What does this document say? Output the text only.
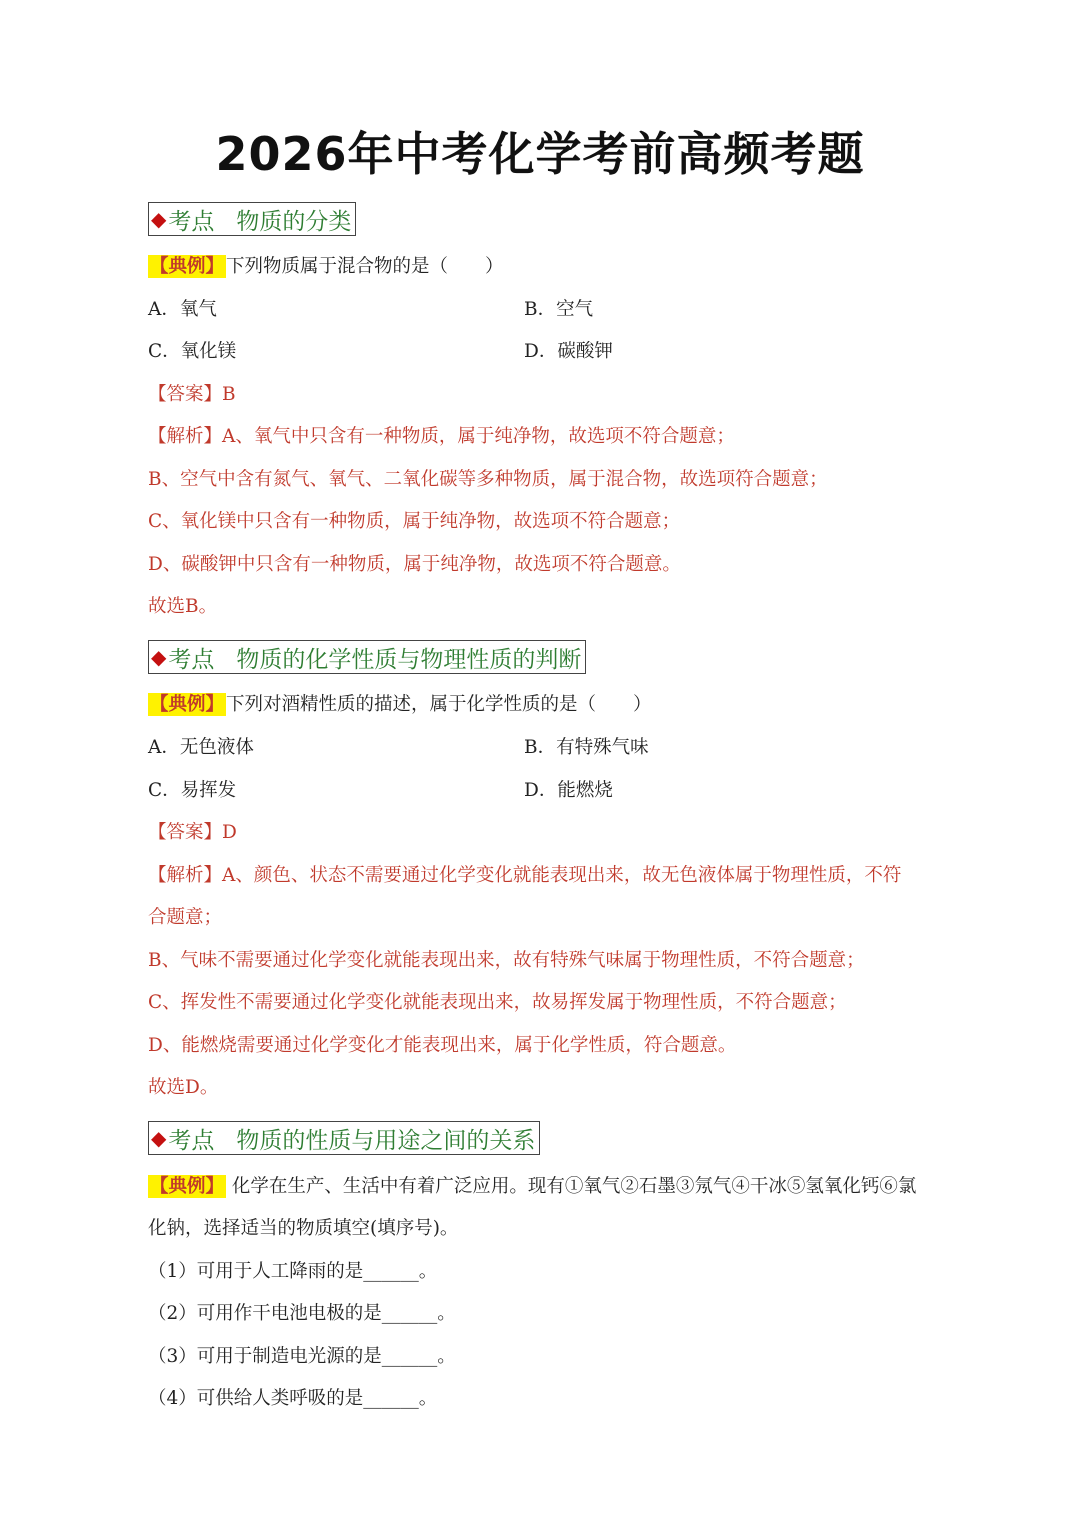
2026年中考化学考前高频考题
◆ 考点 物质的分类
【典例】 下列物质属于混合物的是（　　）
A．氧气	B．空气
C．氧化镁	D．碳酸钾
【答案】B
【解析】A、氧气中只含有一种物质，属于纯净物，故选项不符合题意；
B、空气中含有氮气、氧气、二氧化碳等多种物质，属于混合物，故选项符合题意；
C、氧化镁中只含有一种物质，属于纯净物，故选项不符合题意；
D、碳酸钾中只含有一种物质，属于纯净物，故选项不符合题意。
故选B。
◆ 考点 物质的化学性质与物理性质的判断
【典例】 下列对酒精性质的描述，属于化学性质的是（　　）
A．无色液体	B．有特殊气味
C．易挥发	D．能燃烧
【答案】D
【解析】A、颜色、状态不需要通过化学变化就能表现出来，故无色液体属于物理性质，不符
合题意；
B、气味不需要通过化学变化就能表现出来，故有特殊气味属于物理性质，不符合题意；
C、挥发性不需要通过化学变化就能表现出来，故易挥发属于物理性质，不符合题意；
D、能燃烧需要通过化学变化才能表现出来，属于化学性质，符合题意。
故选D。
◆ 考点 物质的性质与用途之间的关系
【典例】 化学在生产、生活中有着广泛应用。现有①氧气②石墨③氖气④干冰⑤氢氧化钙⑥氯
化钠，选择适当的物质填空(填序号)。
（1）可用于人工降雨的是______。
（2）可用作干电池电极的是______。
（3）可用于制造电光源的是______。
（4）可供给人类呼吸的是______。
